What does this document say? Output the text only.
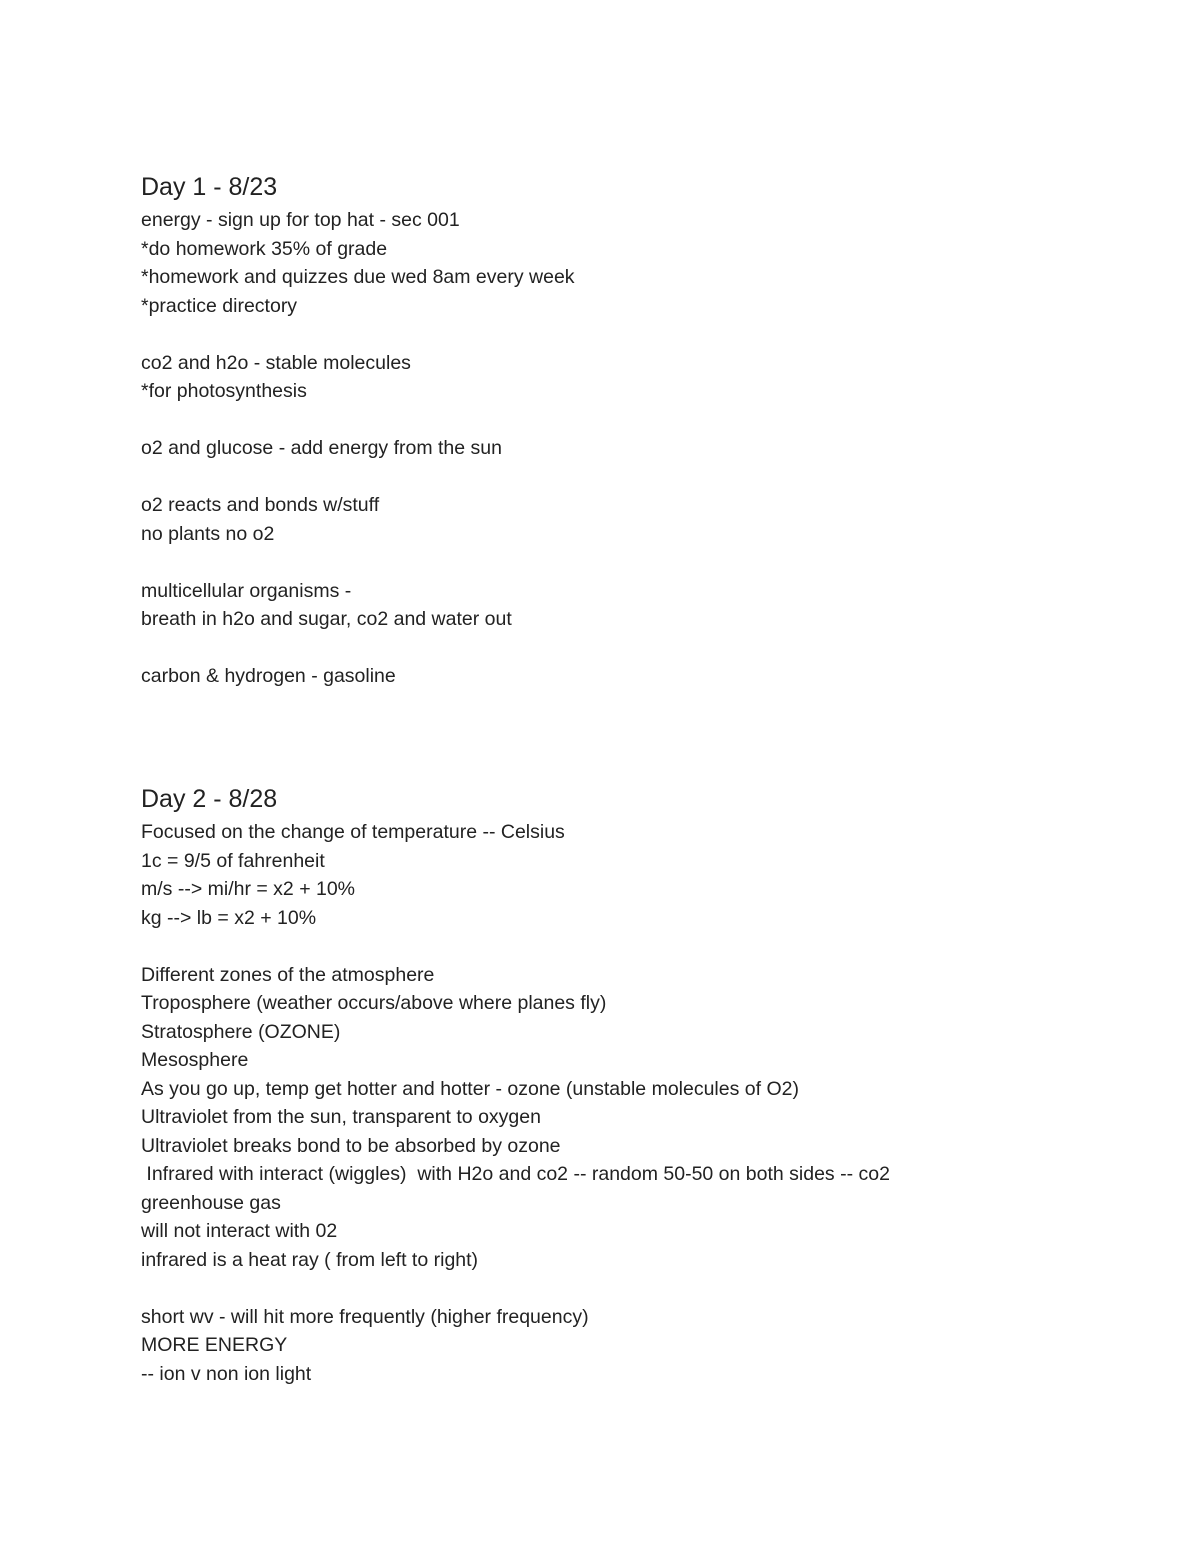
Day 1 - 8/23

energy - sign up for top hat - sec 001

*do homework 35% of grade

*homework and quizzes due wed 8am every week

*practice directory

co2 and h2o - stable molecules

*for photosynthesis

o2 and glucose - add energy from the sun

o2 reacts and bonds w/stuff

no plants no o2

multicellular organisms -

breath in h2o and sugar, co2 and water out

carbon & hydrogen - gasoline

Day 2 - 8/28

Focused on the change of temperature -- Celsius

1c = 9/5 of fahrenheit

m/s --> mi/hr = x2 + 10%

kg --> lb = x2 + 10%

Different zones of the atmosphere

Troposphere (weather occurs/above where planes fly)

Stratosphere (OZONE)

Mesosphere

As you go up, temp get hotter and hotter - ozone (unstable molecules of O2)

Ultraviolet from the sun, transparent to oxygen

Ultraviolet breaks bond to be absorbed by ozone

Infrared with interact (wiggles)  with H2o and co2 -- random 50-50 on both sides -- co2

greenhouse gas

will not interact with 02

infrared is a heat ray ( from left to right)

short wv - will hit more frequently (higher frequency)

MORE ENERGY

-- ion v non ion light
